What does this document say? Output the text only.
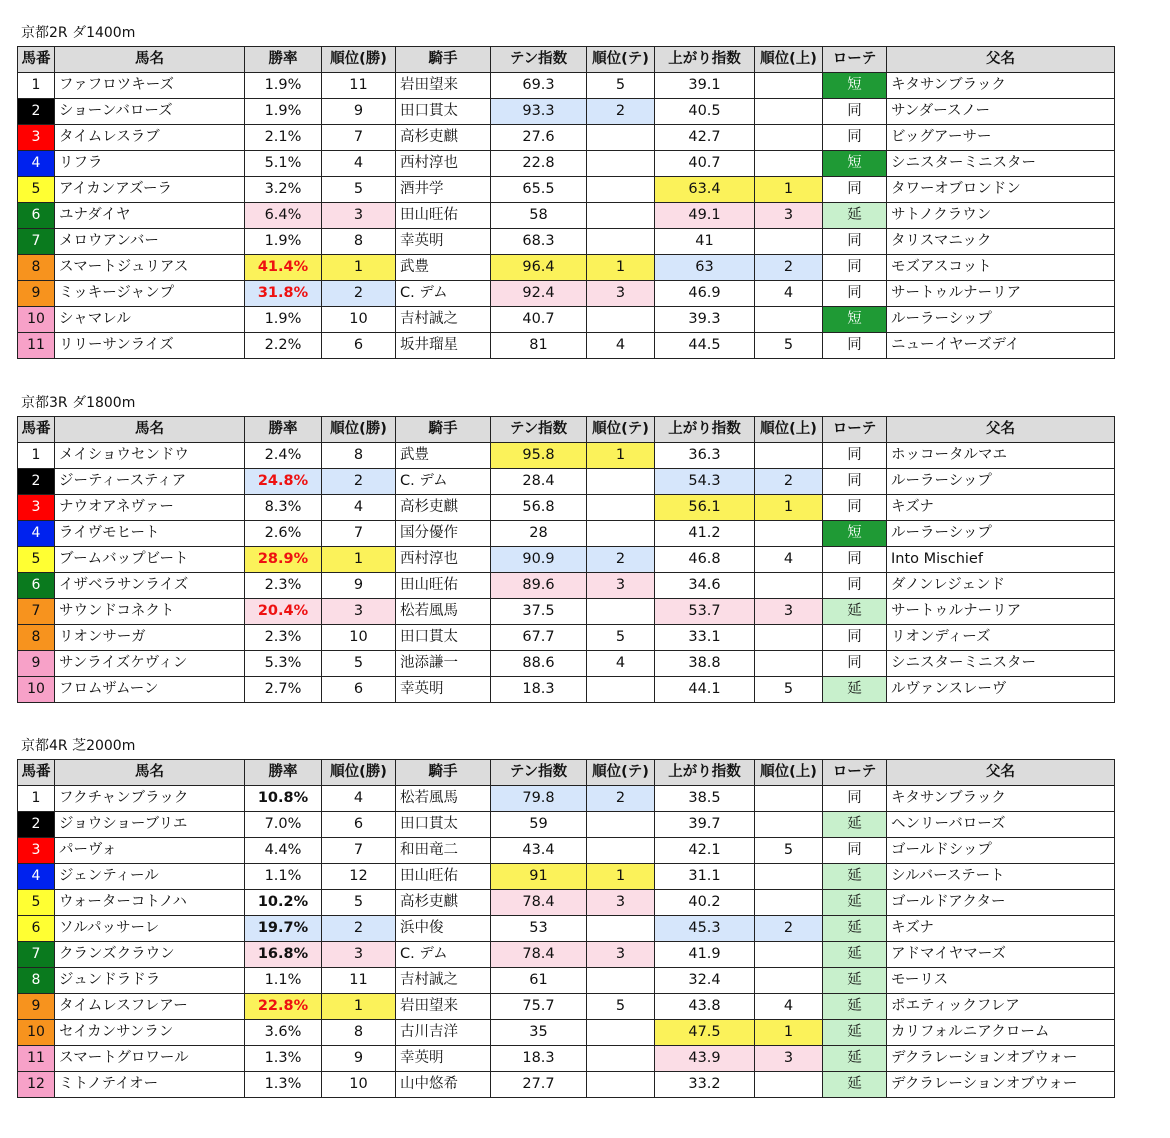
京都2R ダ1400m
馬番	馬名	勝率	順位(勝)	騎手	テン指数	順位(テ)	上がり指数	順位(上)	ローテ	父名
1	ファフロツキーズ	1.9%	11	岩田望来	69.3	5	39.1		短	キタサンブラック
2	ショーンバローズ	1.9%	9	田口貫太	93.3	2	40.5		同	サンダースノー
3	タイムレスラブ	2.1%	7	高杉吏麒	27.6		42.7		同	ビッグアーサー
4	リフラ	5.1%	4	西村淳也	22.8		40.7		短	シニスターミニスター
5	アイカンアズーラ	3.2%	5	酒井学	65.5		63.4	1	同	タワーオブロンドン
6	ユナダイヤ	6.4%	3	田山旺佑	58		49.1	3	延	サトノクラウン
7	メロウアンバー	1.9%	8	幸英明	68.3		41		同	タリスマニック
8	スマートジュリアス	41.4%	1	武豊	96.4	1	63	2	同	モズアスコット
9	ミッキージャンプ	31.8%	2	C. デム	92.4	3	46.9	4	同	サートゥルナーリア
10	シャマレル	1.9%	10	吉村誠之	40.7		39.3		短	ルーラーシップ
11	リリーサンライズ	2.2%	6	坂井瑠星	81	4	44.5	5	同	ニューイヤーズデイ
京都3R ダ1800m
馬番	馬名	勝率	順位(勝)	騎手	テン指数	順位(テ)	上がり指数	順位(上)	ローテ	父名
1	メイショウセンドウ	2.4%	8	武豊	95.8	1	36.3		同	ホッコータルマエ
2	ジーティースティア	24.8%	2	C. デム	28.4		54.3	2	同	ルーラーシップ
3	ナウオアネヴァー	8.3%	4	高杉吏麒	56.8		56.1	1	同	キズナ
4	ライヴモヒート	2.6%	7	国分優作	28		41.2		短	ルーラーシップ
5	ブームバップビート	28.9%	1	西村淳也	90.9	2	46.8	4	同	Into Mischief
6	イザベラサンライズ	2.3%	9	田山旺佑	89.6	3	34.6		同	ダノンレジェンド
7	サウンドコネクト	20.4%	3	松若風馬	37.5		53.7	3	延	サートゥルナーリア
8	リオンサーガ	2.3%	10	田口貫太	67.7	5	33.1		同	リオンディーズ
9	サンライズケヴィン	5.3%	5	池添謙一	88.6	4	38.8		同	シニスターミニスター
10	フロムザムーン	2.7%	6	幸英明	18.3		44.1	5	延	ルヴァンスレーヴ
京都4R 芝2000m
馬番	馬名	勝率	順位(勝)	騎手	テン指数	順位(テ)	上がり指数	順位(上)	ローテ	父名
1	フクチャンブラック	10.8%	4	松若風馬	79.8	2	38.5		同	キタサンブラック
2	ジョウショーブリエ	7.0%	6	田口貫太	59		39.7		延	ヘンリーバローズ
3	パーヴォ	4.4%	7	和田竜二	43.4		42.1	5	同	ゴールドシップ
4	ジェンティール	1.1%	12	田山旺佑	91	1	31.1		延	シルバーステート
5	ウォーターコトノハ	10.2%	5	高杉吏麒	78.4	3	40.2		延	ゴールドアクター
6	ソルパッサーレ	19.7%	2	浜中俊	53		45.3	2	延	キズナ
7	クランズクラウン	16.8%	3	C. デム	78.4	3	41.9		延	アドマイヤマーズ
8	ジュンドラドラ	1.1%	11	吉村誠之	61		32.4		延	モーリス
9	タイムレスフレアー	22.8%	1	岩田望来	75.7	5	43.8	4	延	ポエティックフレア
10	セイカンサンラン	3.6%	8	古川吉洋	35		47.5	1	延	カリフォルニアクローム
11	スマートグロワール	1.3%	9	幸英明	18.3		43.9	3	延	デクラレーションオブウォー
12	ミトノテイオー	1.3%	10	山中悠希	27.7		33.2		延	デクラレーションオブウォー
